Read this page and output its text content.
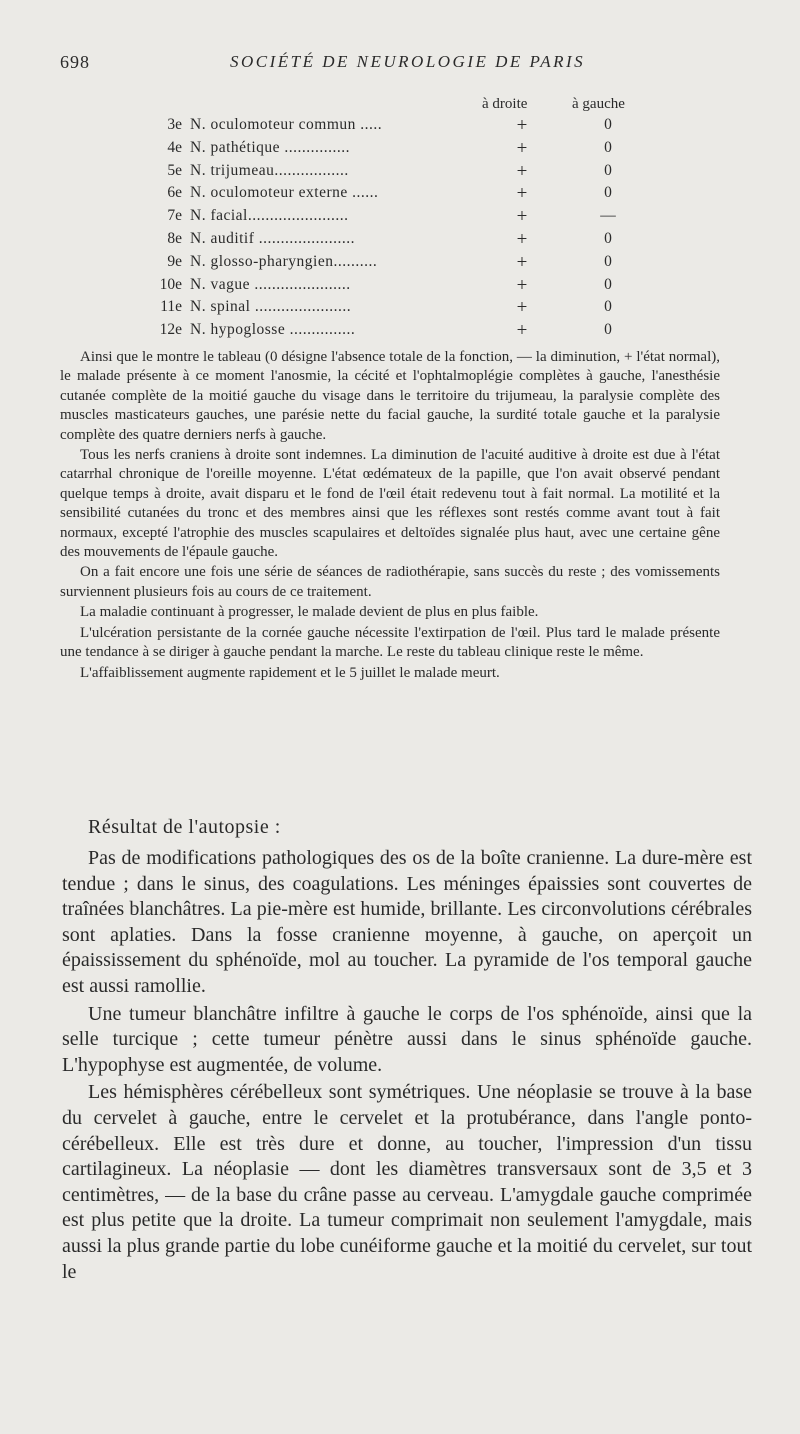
698	SOCIÉTÉ DE NEUROLOGIE DE PARIS
à droite	à gauche
3e N. oculomoteur commun .....	+	0
4e N. pathétique ...............	+	0
5e N. trijumeau.................	+	0
6e N. oculomoteur externe ......	+	0
7e N. facial.......................	+	—
8e N. auditif ......................	+	0
9e N. glosso-pharyngien..........	+	0
10e N. vague ......................	+	0
11e N. spinal ......................	+	0
12e N. hypoglosse ...............	+	0

Ainsi que le montre le tableau (0 désigne l'absence totale de la fonction, — la diminution, + l'état normal), le malade présente à ce moment l'anosmie, la cécité et l'ophtalmoplégie complètes à gauche, l'anesthésie cutanée complète de la moitié gauche du visage dans le territoire du trijumeau, la paralysie complète des muscles masticateurs gauches, une parésie nette du facial gauche, la surdité totale gauche et la paralysie complète des quatre derniers nerfs à gauche.

Tous les nerfs craniens à droite sont indemnes. La diminution de l'acuité auditive à droite est due à l'état catarrhal chronique de l'oreille moyenne. L'état œdémateux de la papille, que l'on avait observé pendant quelque temps à droite, avait disparu et le fond de l'œil était redevenu tout à fait normal. La motilité et la sensibilité cutanées du tronc et des membres ainsi que les réflexes sont restés comme avant tout à fait normaux, excepté l'atrophie des muscles scapulaires et deltoïdes signalée plus haut, avec une certaine gêne des mouvements de l'épaule gauche.

On a fait encore une fois une série de séances de radiothérapie, sans succès du reste ; des vomissements surviennent plusieurs fois au cours de ce traitement.

La maladie continuant à progresser, le malade devient de plus en plus faible.

L'ulcération persistante de la cornée gauche nécessite l'extirpation de l'œil. Plus tard le malade présente une tendance à se diriger à gauche pendant la marche. Le reste du tableau clinique reste le même.

L'affaiblissement augmente rapidement et le 5 juillet le malade meurt.

Résultat de l'autopsie :

Pas de modifications pathologiques des os de la boîte cranienne. La dure-mère est tendue ; dans le sinus, des coagulations. Les méninges épaissies sont couvertes de traînées blanchâtres. La pie-mère est humide, brillante. Les circonvolutions cérébrales sont aplaties. Dans la fosse cranienne moyenne, à gauche, on aperçoit un épaississement du sphénoïde, mol au toucher. La pyramide de l'os temporal gauche est aussi ramollie.

Une tumeur blanchâtre infiltre à gauche le corps de l'os sphénoïde, ainsi que la selle turcique ; cette tumeur pénètre aussi dans le sinus sphénoïde gauche. L'hypophyse est augmentée, de volume.

Les hémisphères cérébelleux sont symétriques. Une néoplasie se trouve à la base du cervelet à gauche, entre le cervelet et la protubérance, dans l'angle ponto-cérébelleux. Elle est très dure et donne, au toucher, l'impression d'un tissu cartilagineux. La néoplasie — dont les diamètres transversaux sont de 3,5 et 3 centimètres, — de la base du crâne passe au cerveau. L'amygdale gauche comprimée est plus petite que la droite. La tumeur comprimait non seulement l'amygdale, mais aussi la plus grande partie du lobe cunéiforme gauche et la moitié du cervelet, sur tout le
